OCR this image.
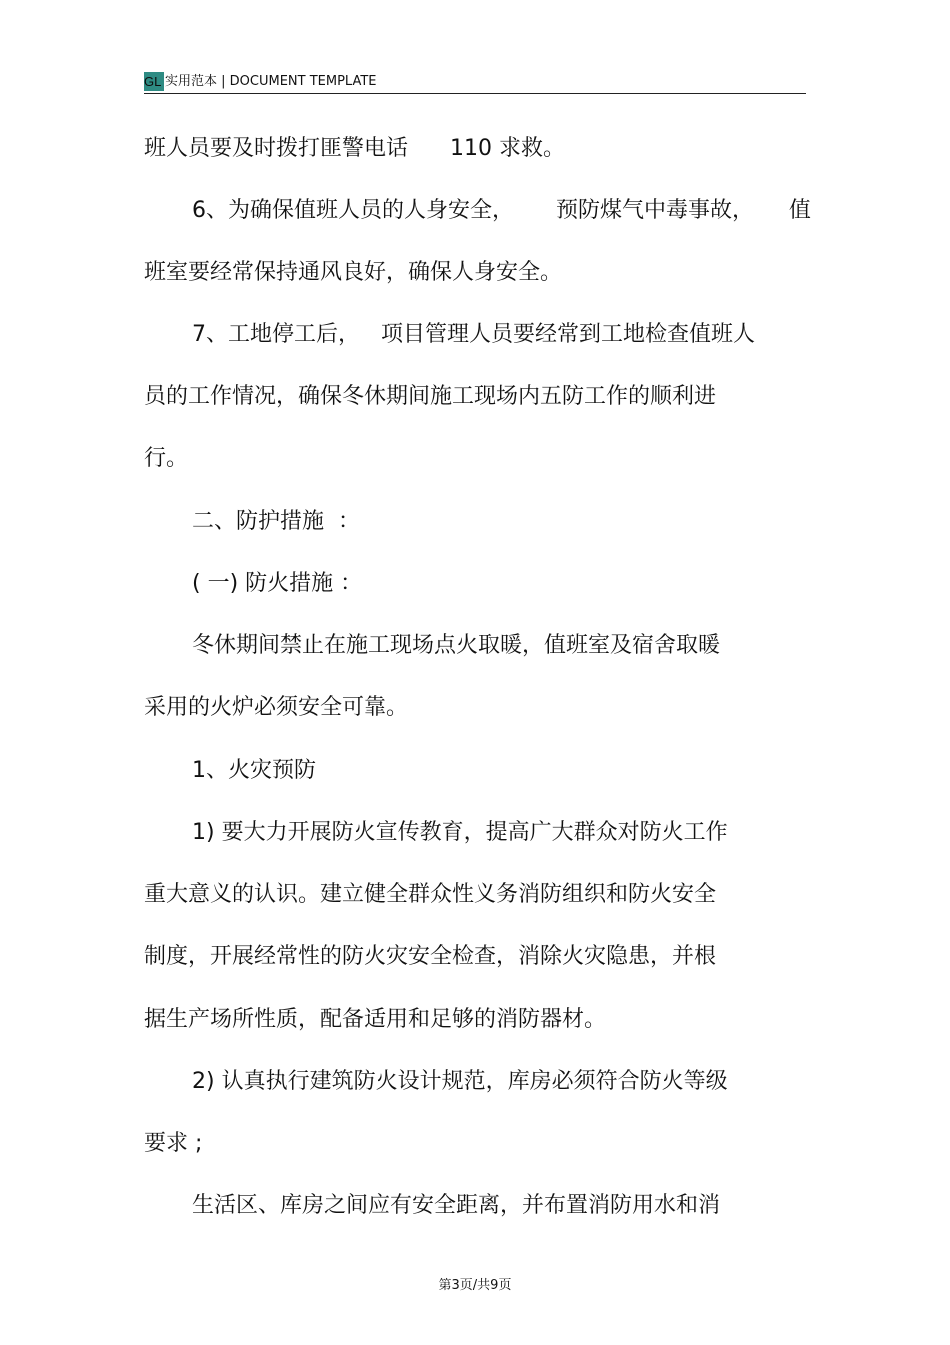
GL 实用范本 | DOCUMENT TEMPLATE
班人员要及时拨打匪警电话      110 求救。
6、为确保值班人员的人身安全，      预防煤气中毒事故，     值
班室要经常保持通风良好，确保人身安全。
7、工地停工后，   项目管理人员要经常到工地检查值班人
员的工作情况，确保冬休期间施工现场内五防工作的顺利进
行。
二、防护措施  ：
( 一) 防火措施 ：
冬休期间禁止在施工现场点火取暖，值班室及宿舍取暖
采用的火炉必须安全可靠。
1、火灾预防
1) 要大力开展防火宣传教育，提高广大群众对防火工作
重大意义的认识。建立健全群众性义务消防组织和防火安全
制度，开展经常性的防火灾安全检查，消除火灾隐患，并根
据生产场所性质，配备适用和足够的消防器材。
2) 认真执行建筑防火设计规范，库房必须符合防火等级
要求 ;
生活区、库房之间应有安全距离，并布置消防用水和消
第3页/共9页
